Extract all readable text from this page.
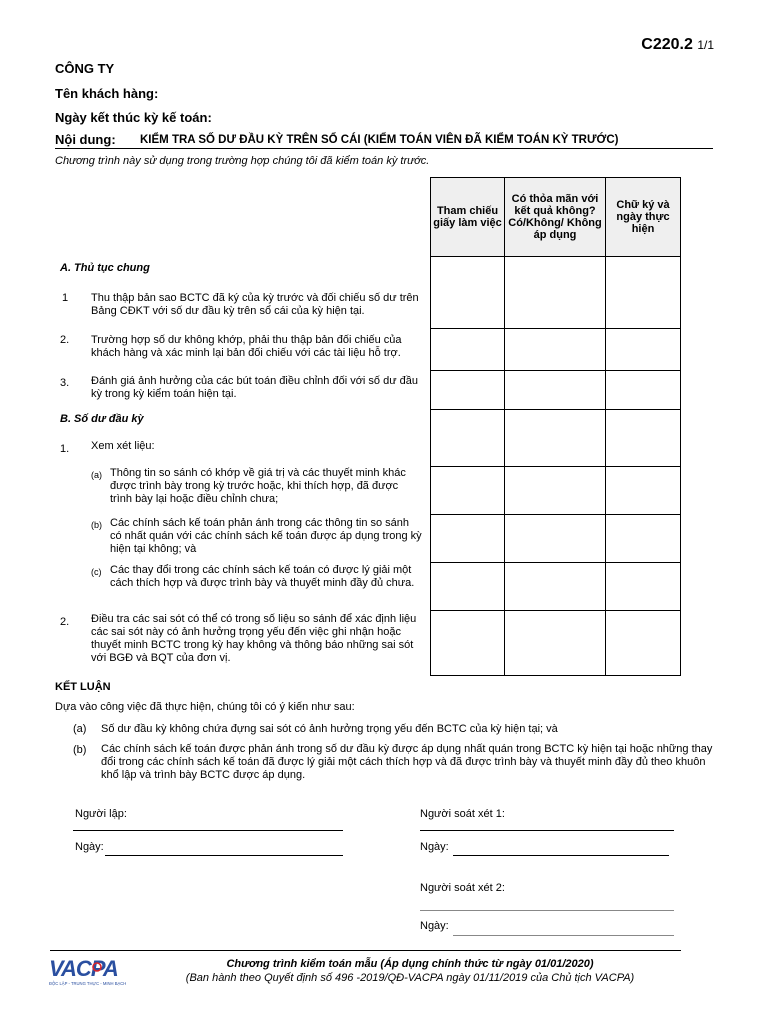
C220.2 1/1
CÔNG TY
Tên khách hàng:
Ngày kết thúc kỳ kế toán:
Nội dung: KIỂM TRA SỐ DƯ ĐẦU KỲ TRÊN SỔ CÁI (KIỂM TOÁN VIÊN ĐÃ KIỂM TOÁN KỲ TRƯỚC)
Chương trình này sử dụng trong trường hợp chúng tôi đã kiểm toán kỳ trước.
Tham chiếu giấy làm việc	Có thỏa mãn với kết quả không? Có/Không/ Không áp dụng	Chữ ký và ngày thực hiện

A. Thủ tục chung
1 Thu thập bản sao BCTC đã ký của kỳ trước và đối chiếu số dư trên Bảng CĐKT với số dư đầu kỳ trên sổ cái của kỳ hiện tại.
2. Trường hợp số dư không khớp, phải thu thập bản đối chiếu của khách hàng và xác minh lại bản đối chiếu với các tài liệu hỗ trợ.
3. Đánh giá ảnh hưởng của các bút toán điều chỉnh đối với số dư đầu kỳ trong kỳ kiểm toán hiện tại.
B. Số dư đầu kỳ
1. Xem xét liệu:
(a) Thông tin so sánh có khớp về giá trị và các thuyết minh khác được trình bày trong kỳ trước hoặc, khi thích hợp, đã được trình bày lại hoặc điều chỉnh chưa;
(b) Các chính sách kế toán phản ánh trong các thông tin so sánh có nhất quán với các chính sách kế toán được áp dụng trong kỳ hiện tại không; và
(c) Các thay đổi trong các chính sách kế toán có được lý giải một cách thích hợp và được trình bày và thuyết minh đầy đủ chưa.
2. Điều tra các sai sót có thể có trong số liệu so sánh để xác định liệu các sai sót này có ảnh hưởng trọng yếu đến việc ghi nhận hoặc thuyết minh BCTC trong kỳ hay không và thông báo những sai sót với BGĐ và BQT của đơn vị.
KẾT LUẬN
Dựa vào công việc đã thực hiện, chúng tôi có ý kiến như sau:
(a) Số dư đầu kỳ không chứa đựng sai sót có ảnh hưởng trọng yếu đến BCTC của kỳ hiện tại; và
(b) Các chính sách kế toán được phản ánh trong số dư đầu kỳ được áp dụng nhất quán trong BCTC kỳ hiện tại hoặc những thay đổi trong các chính sách kế toán đã được lý giải một cách thích hợp và đã được trình bày và thuyết minh đầy đủ theo khuôn khổ lập và trình bày BCTC được áp dụng.
Người lập:
Ngày:
Người soát xét 1:
Ngày:
Người soát xét 2:
Ngày:
VACPA
ĐỘC LẬP - TRUNG THỰC - MINH BẠCH
Chương trình kiểm toán mẫu (Áp dụng chính thức từ ngày 01/01/2020)
(Ban hành theo Quyết định số 496 -2019/QĐ-VACPA ngày 01/11/2019 của Chủ tịch VACPA)
